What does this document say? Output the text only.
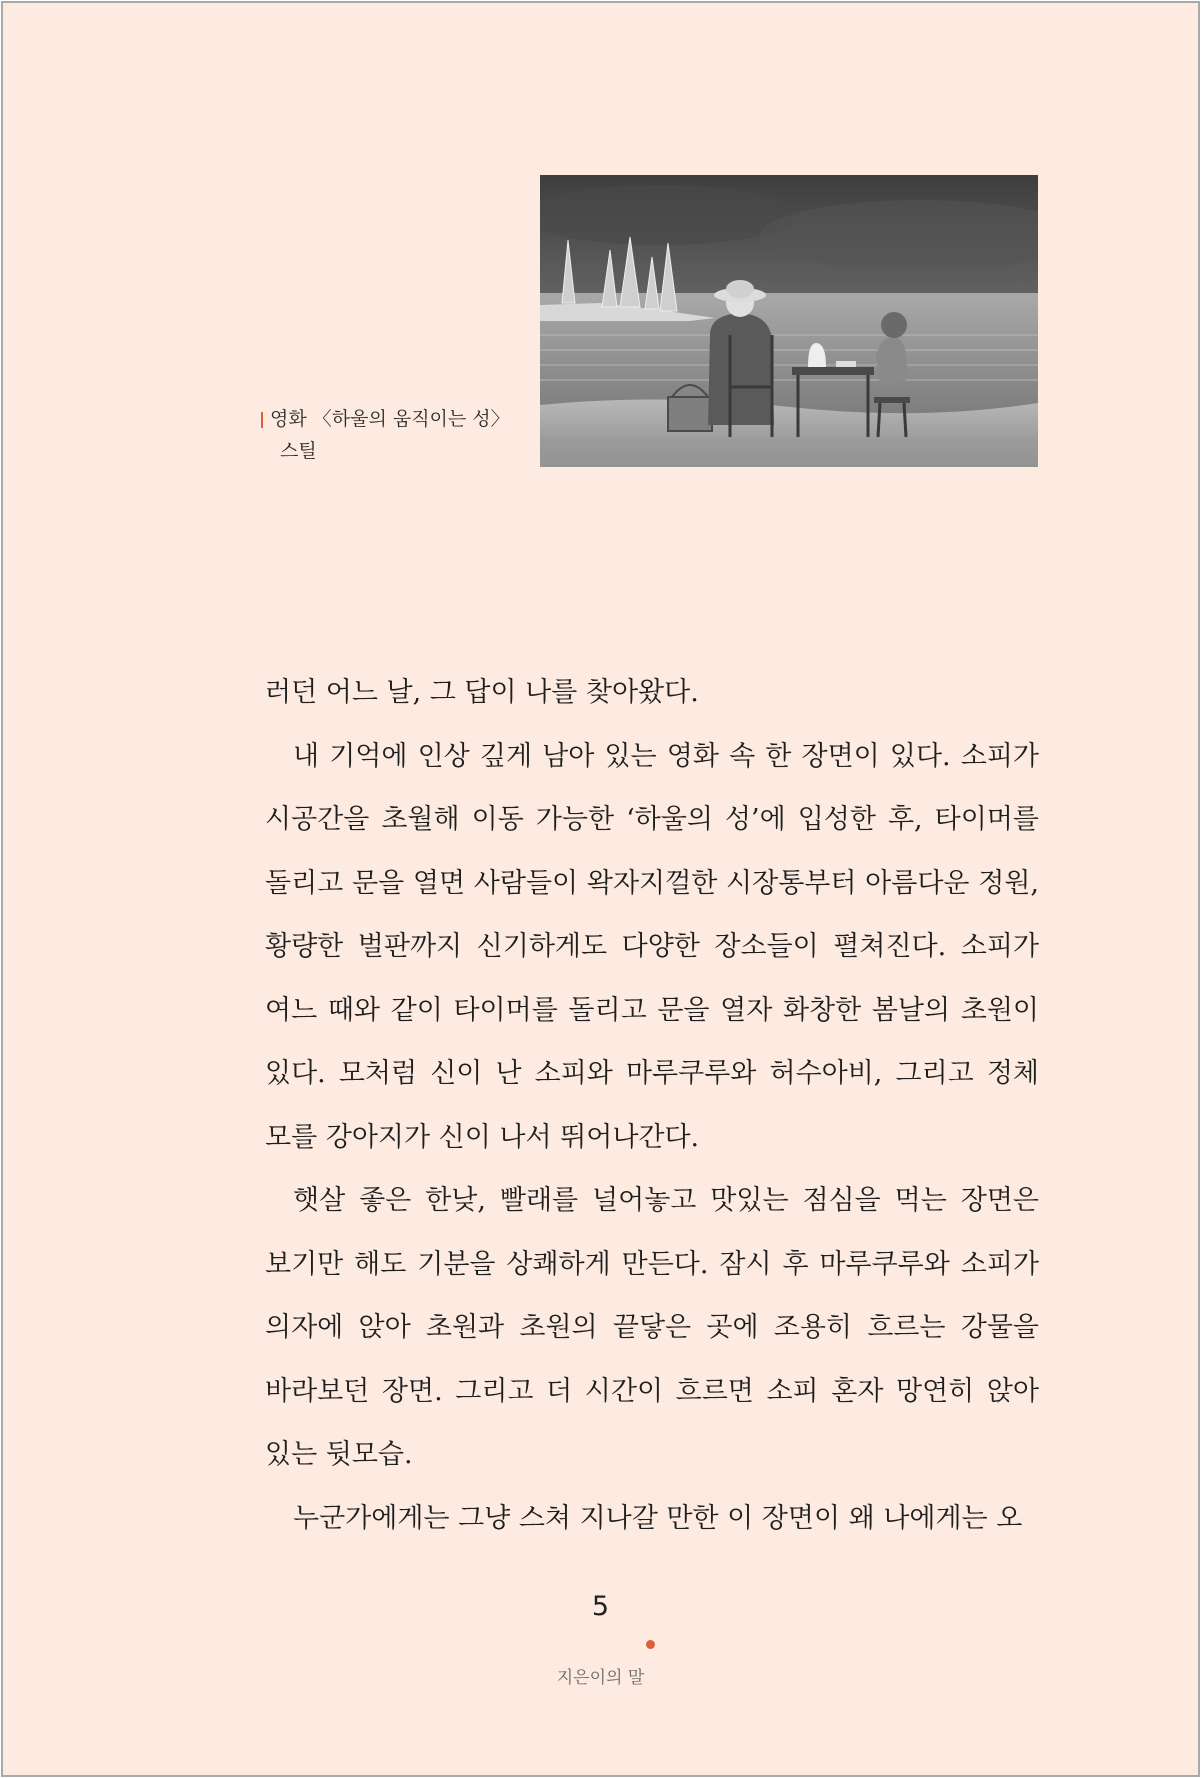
영화 〈하울의 움직이는 성〉
스틸

러던 어느 날, 그 답이 나를 찾아왔다.

내 기억에 인상 깊게 남아 있는 영화 속 한 장면이 있다. 소피가 시공간을 초월해 이동 가능한 ‘하울의 성’에 입성한 후, 타이머를 돌리고 문을 열면 사람들이 왁자지껄한 시장통부터 아름다운 정원, 황량한 벌판까지 신기하게도 다양한 장소들이 펼쳐진다. 소피가 여느 때와 같이 타이머를 돌리고 문을 열자 화창한 봄날의 초원이 있다. 모처럼 신이 난 소피와 마루쿠루와 허수아비, 그리고 정체 모를 강아지가 신이 나서 뛰어나간다.

햇살 좋은 한낮, 빨래를 널어놓고 맛있는 점심을 먹는 장면은 보기만 해도 기분을 상쾌하게 만든다. 잠시 후 마루쿠루와 소피가 의자에 앉아 초원과 초원의 끝닿은 곳에 조용히 흐르는 강물을 바라보던 장면. 그리고 더 시간이 흐르면 소피 혼자 망연히 앉아 있는 뒷모습.

누군가에게는 그냥 스쳐 지나갈 만한 이 장면이 왜 나에게는 오

5
지은이의 말
